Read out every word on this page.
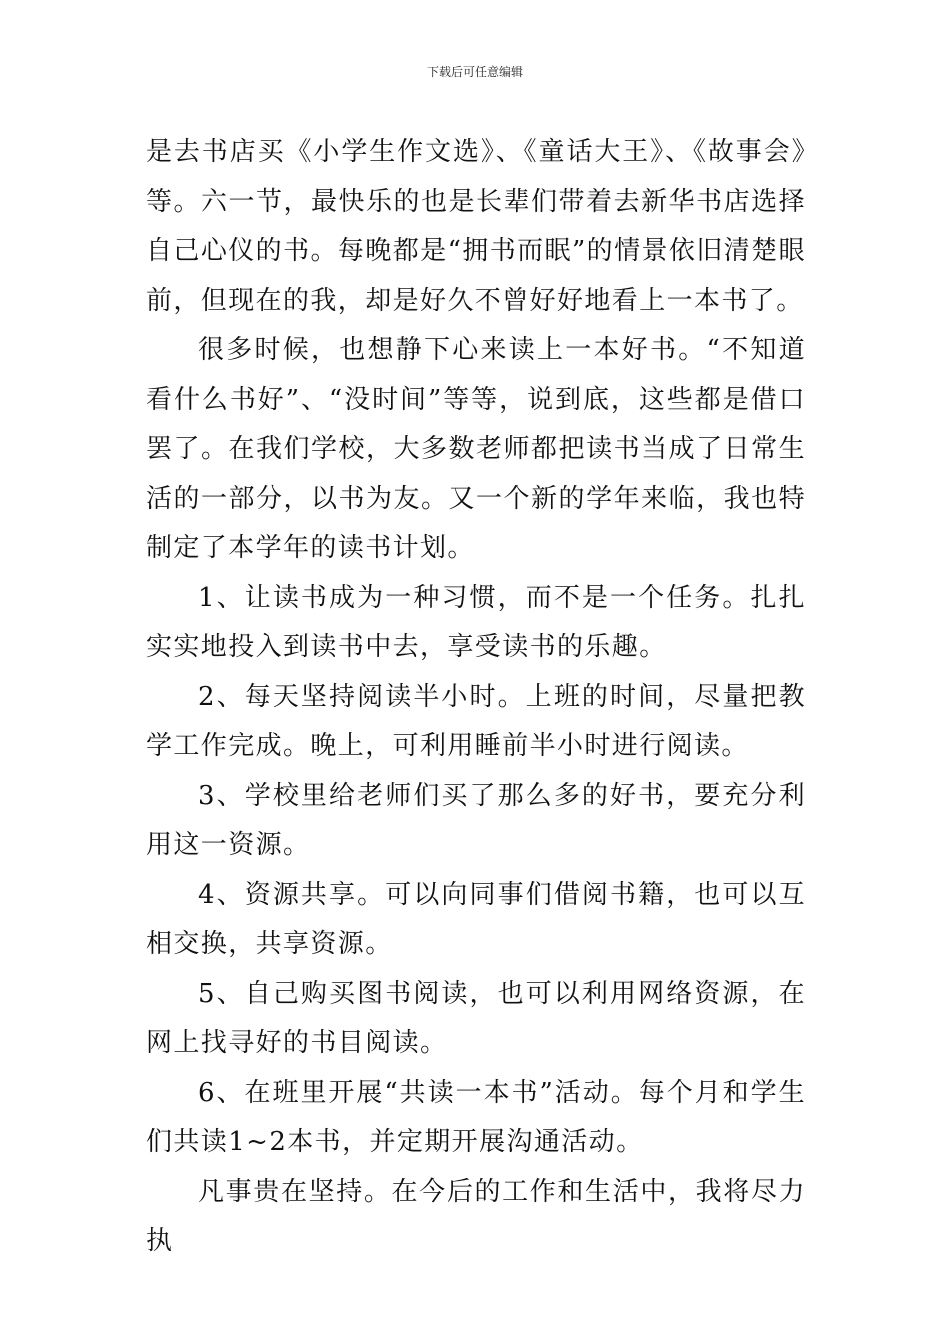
下载后可任意编辑

是去书店买《小学生作文选》、《童话大王》、《故事会》等。六一节，最快乐的也是长辈们带着去新华书店选择自己心仪的书。每晚都是“拥书而眠”的情景依旧清楚眼前，但现在的我，却是好久不曾好好地看上一本书了。

很多时候，也想静下心来读上一本好书。“不知道看什么书好”、“没时间”等等，说到底，这些都是借口罢了。在我们学校，大多数老师都把读书当成了日常生活的一部分，以书为友。又一个新的学年来临，我也特制定了本学年的读书计划。

1、让读书成为一种习惯，而不是一个任务。扎扎实实地投入到读书中去，享受读书的乐趣。

2、每天坚持阅读半小时。上班的时间，尽量把教学工作完成。晚上，可利用睡前半小时进行阅读。

3、学校里给老师们买了那么多的好书，要充分利用这一资源。

4、资源共享。可以向同事们借阅书籍，也可以互相交换，共享资源。

5、自己购买图书阅读，也可以利用网络资源，在网上找寻好的书目阅读。

6、在班里开展“共读一本书”活动。每个月和学生们共读1~2本书，并定期开展沟通活动。

凡事贵在坚持。在今后的工作和生活中，我将尽力执
